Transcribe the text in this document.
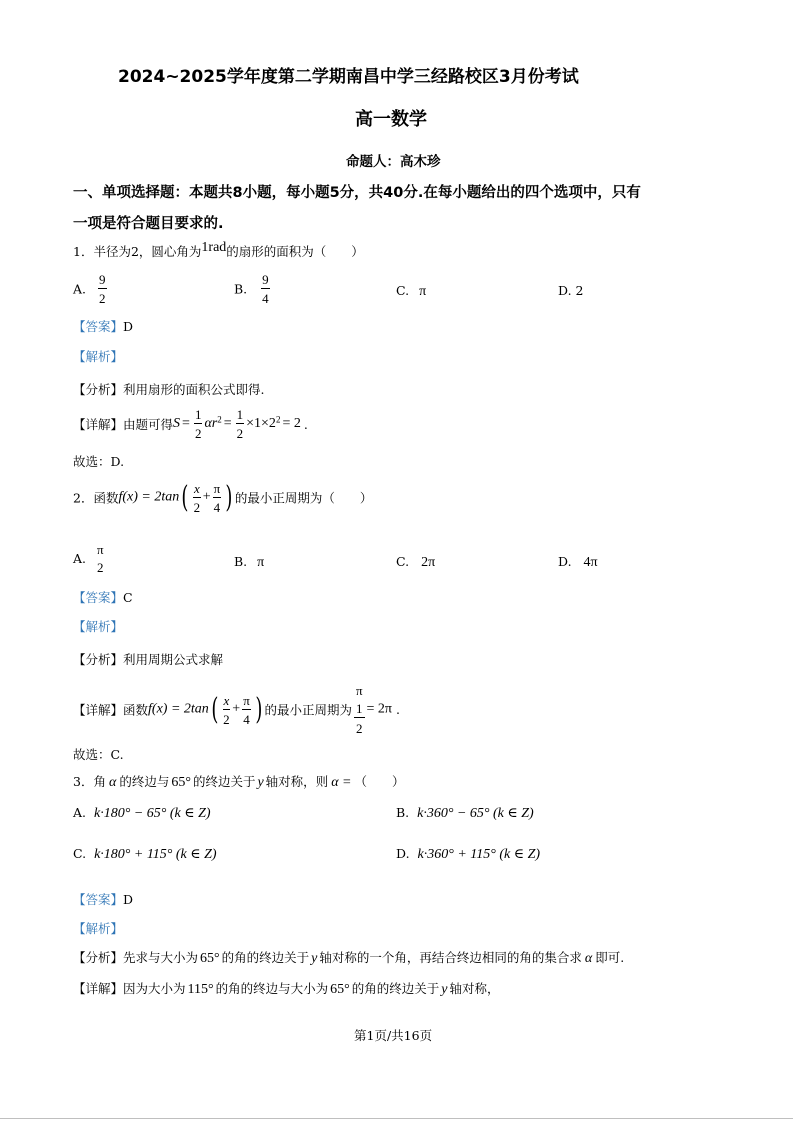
2024~2025学年度第二学期南昌中学三经路校区3月份考试
高一数学
命题人：高木珍
一、单项选择题：本题共8小题，每小题5分，共40分.在每小题给出的四个选项中，只有
一项是符合题目要求的.
1．半径为2，圆心角为1rad的扇形的面积为（　　）
A. $\frac{9}{2}$	B. $\frac{9}{4}$	C. π	D. 2
【答案】D
【解析】
【分析】利用扇形的面积公式即得.
【详解】由题可得$S = \frac{1}{2} \alpha r^2 = \frac{1}{2} \times 1\times 2^2 = 2$ .
故选：D.
2．函数$f(x) = 2\tan( \frac{x}{2} + \frac{\pi}{4}$ ) 的最小正周期为（　　）
A.
π
2	B. π	C. 2π	D. 4π
【答案】C
【解析】
【分析】利用周期公式求解
【详解】函数$f(x) = 2\tan( \frac{x}{2} + \frac{\pi}{4}$ ) 的最小正周期为
π
1
2
= 2π .
故选：C.
3．角 α 的终边与 65° 的终边关于 y 轴对称，则 α = （　　）
A. k·180° − 65° (k ∈ Z)	B. k·360° − 65° (k ∈ Z)
C. k·180° + 115° (k ∈ Z)	D. k·360° + 115° (k ∈ Z)
【答案】D
【解析】
【分析】先求与大小为 65° 的角的终边关于 y 轴对称的一个角，再结合终边相同的角的集合求 α 即可.
【详解】因为大小为 115° 的角的终边与大小为 65° 的角的终边关于 y 轴对称，
第1页/共16页
